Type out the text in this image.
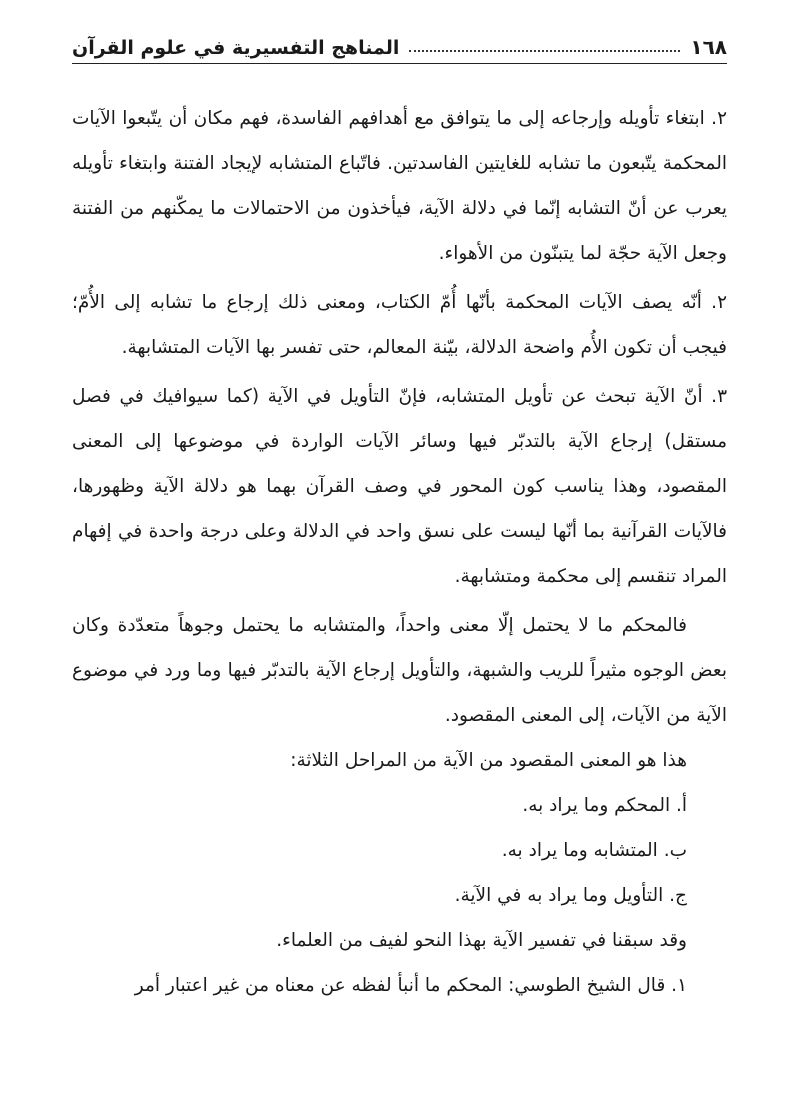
١٦٨
المناهج التفسيرية في علوم القرآن

٢. ابتغاء تأويله وإرجاعه إلى ما يتوافق مع أهدافهم الفاسدة، فهم مكان أن يتّبعوا الآيات المحكمة يتّبعون ما تشابه للغايتين الفاسدتين. فاتّباع المتشابه لإيجاد الفتنة وابتغاء تأويله يعرب عن أنّ التشابه إنّما في دلالة الآية، فيأخذون من الاحتمالات ما يمكّنهم من الفتنة وجعل الآية حجّة لما يتبنّون من الأهواء.

٢. أنّه يصف الآيات المحكمة بأنّها أُمّ الكتاب، ومعنى ذلك إرجاع ما تشابه إلى الأُمّ؛ فيجب أن تكون الأُم واضحة الدلالة، بيّنة المعالم، حتى تفسر بها الآيات المتشابهة.

٣. أنّ الآية تبحث عن تأويل المتشابه، فإنّ التأويل في الآية (كما سيوافيك في فصل مستقل) إرجاع الآية بالتدبّر فيها وسائر الآيات الواردة في موضوعها إلى المعنى المقصود، وهذا يناسب كون المحور في وصف القرآن بهما هو دلالة الآية وظهورها، فالآيات القرآنية بما أنّها ليست على نسق واحد في الدلالة وعلى درجة واحدة في إفهام المراد تنقسم إلى محكمة ومتشابهة.

فالمحكم ما لا يحتمل إلّا معنى واحداً، والمتشابه ما يحتمل وجوهاً متعدّدة وكان بعض الوجوه مثيراً للريب والشبهة، والتأويل إرجاع الآية بالتدبّر فيها وما ورد في موضوع الآية من الآيات، إلى المعنى المقصود.

هذا هو المعنى المقصود من الآية من المراحل الثلاثة:

أ. المحكم وما يراد به.

ب. المتشابه وما يراد به.

ج. التأويل وما يراد به في الآية.

وقد سبقنا في تفسير الآية بهذا النحو لفيف من العلماء.

١. قال الشيخ الطوسي: المحكم ما أنبأ لفظه عن معناه من غير اعتبار أمر
